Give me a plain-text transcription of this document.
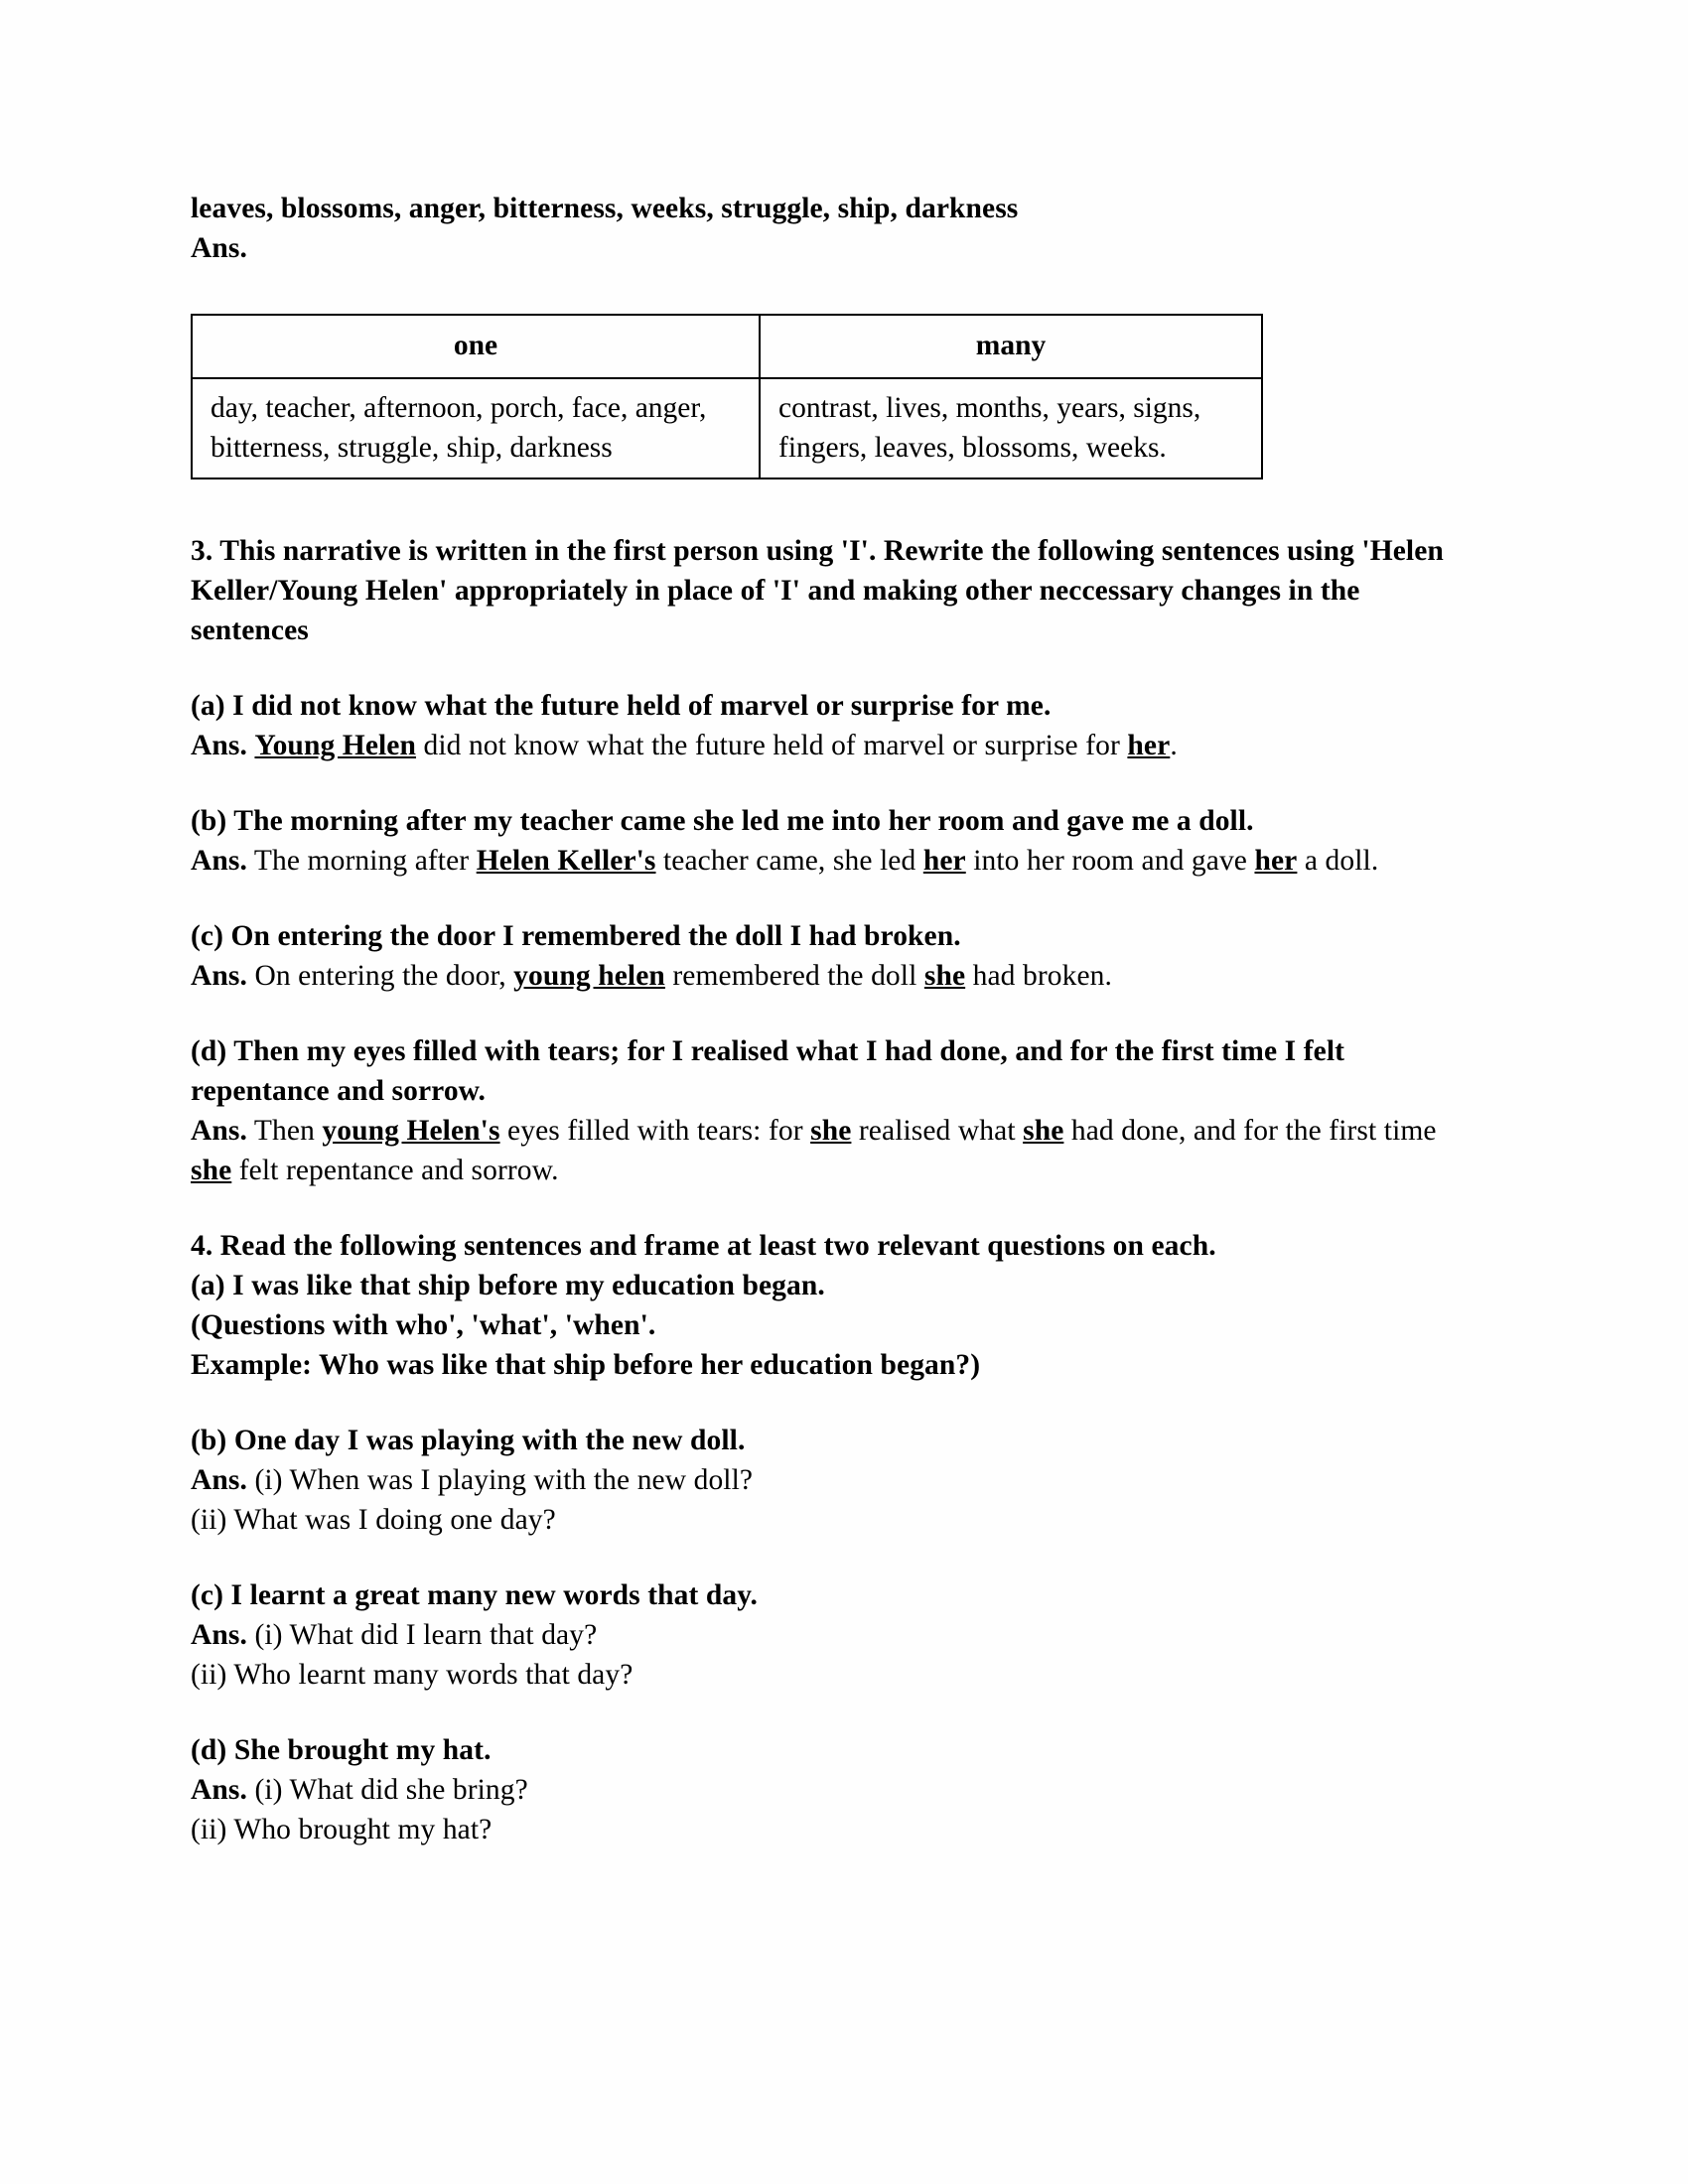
leaves, blossoms, anger, bitterness, weeks, struggle, ship, darkness
Ans.
one	many
day, teacher, afternoon, porch, face, anger, bitterness, struggle, ship, darkness	contrast, lives, months, years, signs, fingers, leaves, blossoms, weeks.
3. This narrative is written in the first person using 'I'. Rewrite the following sentences using 'Helen Keller/Young Helen' appropriately in place of 'I' and making other neccessary changes in the sentences
(a) I did not know what the future held of marvel or surprise for me.
Ans. Young Helen did not know what the future held of marvel or surprise for her.
(b) The morning after my teacher came she led me into her room and gave me a doll.
Ans. The morning after Helen Keller's teacher came, she led her into her room and gave her a doll.
(c) On entering the door I remembered the doll I had broken.
Ans. On entering the door, young helen remembered the doll she had broken.
(d) Then my eyes filled with tears; for I realised what I had done, and for the first time I felt repentance and sorrow.
Ans. Then young Helen's eyes filled with tears: for she realised what she had done, and for the first time she felt repentance and sorrow.
4. Read the following sentences and frame at least two relevant questions on each.
(a) I was like that ship before my education began.
(Questions with who', 'what', 'when'.
Example: Who was like that ship before her education began?)
(b) One day I was playing with the new doll.
Ans. (i) When was I playing with the new doll?
(ii) What was I doing one day?
(c) I learnt a great many new words that day.
Ans. (i) What did I learn that day?
(ii) Who learnt many words that day?
(d) She brought my hat.
Ans. (i) What did she bring?
(ii) Who brought my hat?
